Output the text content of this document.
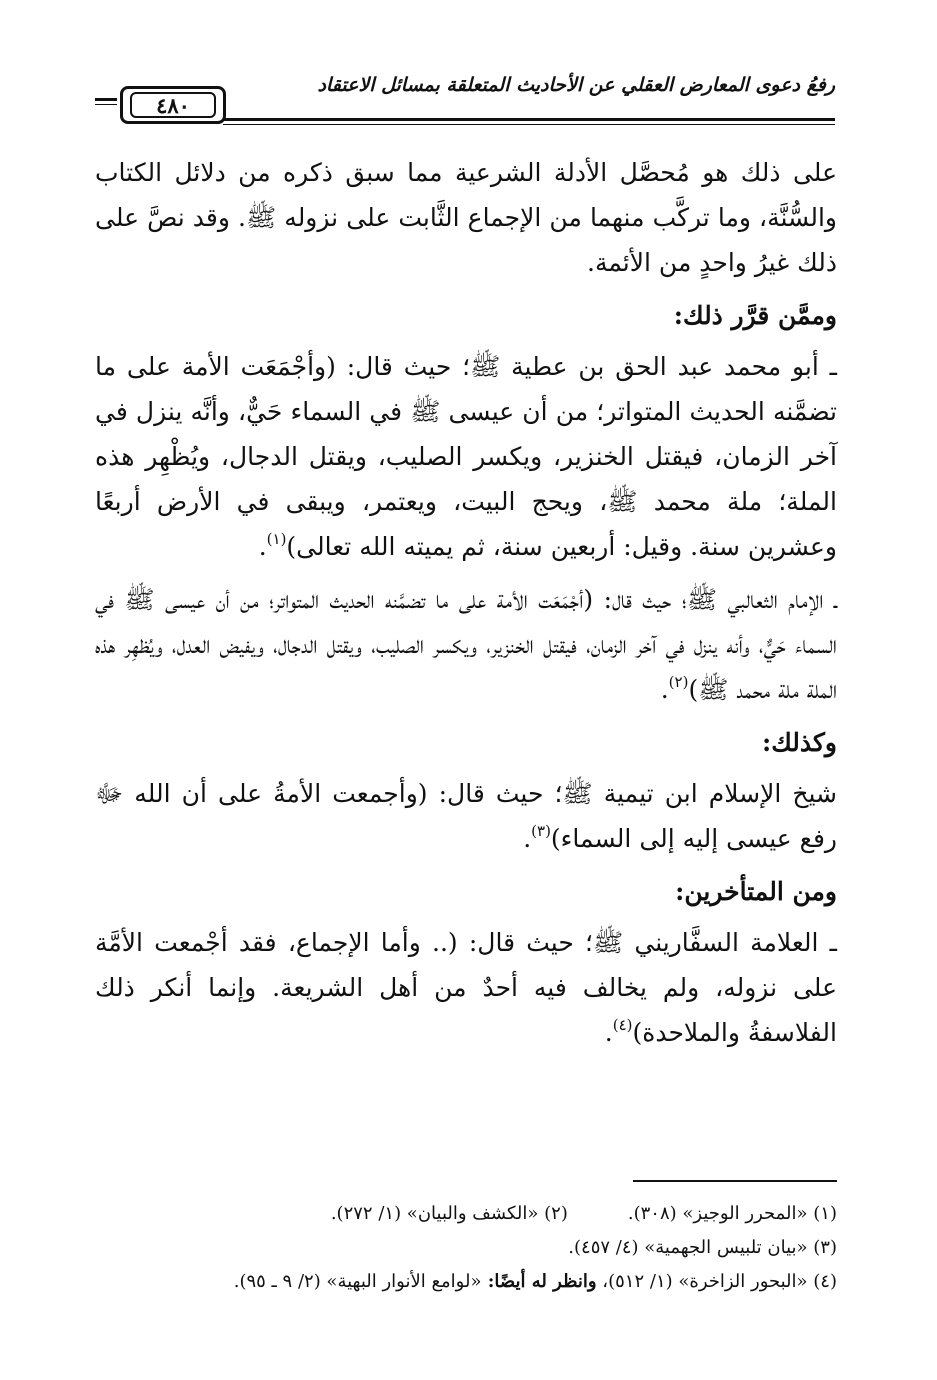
٤٨٠
رفعُ دعوى المعارض العقلي عن الأحاديث المتعلقة بمسائل الاعتقاد

على ذلك هو مُحصَّل الأدلة الشرعية مما سبق ذكره من دلائل الكتاب والسُّنَّة، وما تركَّب منهما من الإجماع الثَّابت على نزوله ﷺ. وقد نصَّ على ذلك غيرُ واحدٍ من الأئمة.

وممَّن قرَّر ذلك:

ـ أبو محمد عبد الحق بن عطية ﷺ؛ حيث قال: (وأجْمَعَت الأمة على ما تضمَّنه الحديث المتواتر؛ من أن عيسى ﷺ في السماء حَيٌّ، وأنَّه ينزل في آخر الزمان، فيقتل الخنزير، ويكسر الصليب، ويقتل الدجال، ويُظْهِر هذه الملة؛ ملة محمد ﷺ، ويحج البيت، ويعتمر، ويبقى في الأرض أربعًا وعشرين سنة. وقيل: أربعين سنة، ثم يميته الله تعالى)$^{(١)}$.

ـ الإمام الثعالبي ﷺ؛ حيث قال: (أجْمَعَت الأمة على ما تضمَّنه الحديث المتواتر؛ من أن عيسى ﷺ في السماء حَيٌّ، وأنه ينزل في آخر الزمان، فيقتل الخنزير، ويكسر الصليب، ويقتل الدجال، ويفيض العدل، ويُظهِر هذه الملة ملة محمد ﷺ)$^{(٢)}$.

وكذلك:

شيخ الإسلام ابن تيمية ﷺ؛ حيث قال: (وأجمعت الأمةُ على أن الله ﷻ رفع عيسى إليه إلى السماء)$^{(٣)}$.

ومن المتأخرين:

ـ العلامة السفَّاريني ﷺ؛ حيث قال: (.. وأما الإجماع، فقد أجْمعت الأمَّة على نزوله، ولم يخالف فيه أحدٌ من أهل الشريعة. وإنما أنكر ذلك الفلاسفةُ والملاحدة)$^{(٤)}$.

(١) «المحرر الوجيز» (٣٠٨).
(٢) «الكشف والبيان» (١/ ٢٧٢).
(٣) «بيان تلبيس الجهمية» (٤/ ٤٥٧).
(٤) «البحور الزاخرة» (١/ ٥١٢)، وانظر له أيضًا: «لوامع الأنوار البهية» (٢/ ٩ ـ ٩٥).
